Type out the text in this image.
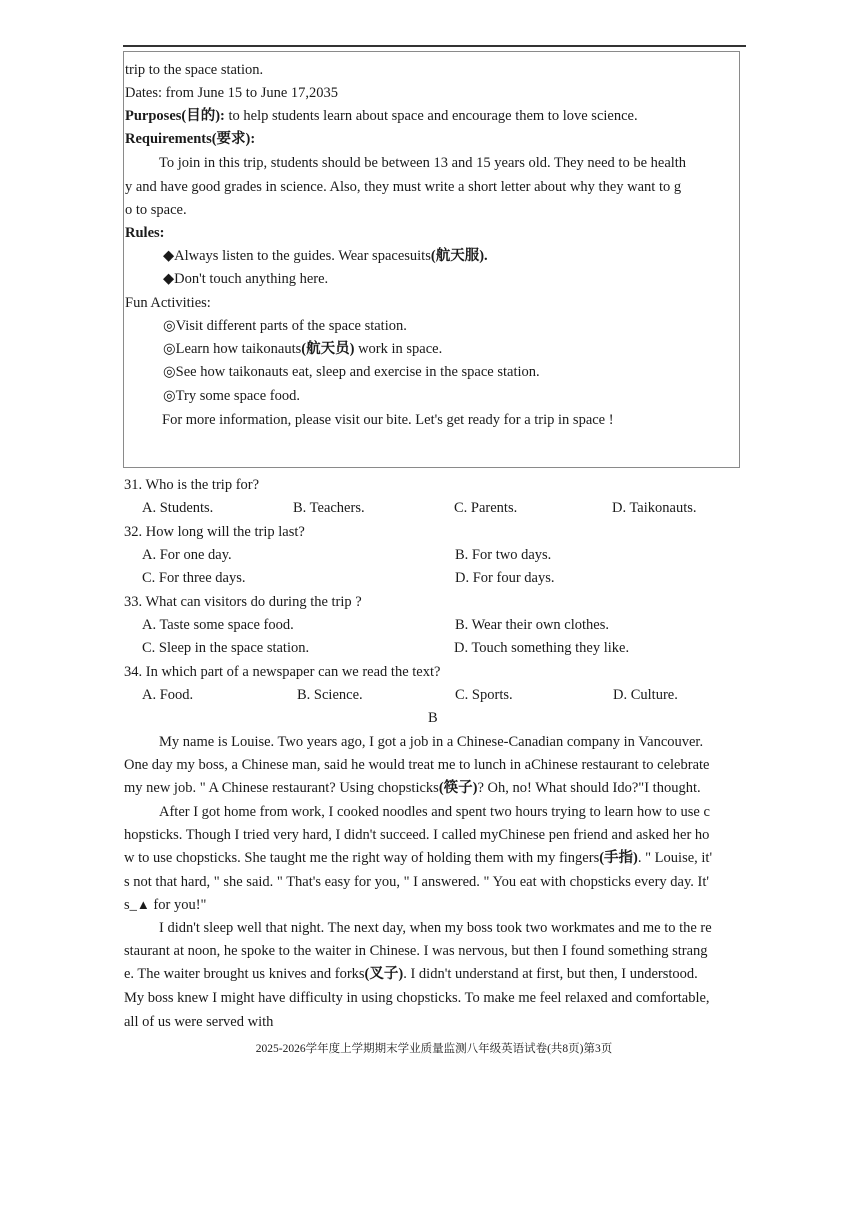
trip to the space station.
Dates: from June 15 to June 17,2035
Purposes(目的): to help students learn about space and encourage them to love science.
Requirements(要求):
To join in this trip, students should be between 13 and 15 years old. They need to be health
y and have good grades in science. Also, they must write a short letter about why they want to g
o to space.
Rules:
◆Always listen to the guides. Wear spacesuits(航天服).
◆Don't touch anything here.
Fun Activities:
◎Visit different parts of the space station.
◎Learn how taikonauts(航天员) work in space.
◎See how taikonauts eat, sleep and exercise in the space station.
◎Try some space food.
For more information, please visit our bite. Let's get ready for a trip in space !
31. Who is the trip for?
A. Students.	B. Teachers.	C. Parents.	D. Taikonauts.
32. How long will the trip last?
A. For one day.	B. For two days.
C. For three days.	D. For four days.
33. What can visitors do during the trip ?
A. Taste some space food.	B. Wear their own clothes.
C. Sleep in the space station.	D. Touch something they like.
34. In which part of a newspaper can we read the text?
A. Food.	B. Science.	C. Sports.	D. Culture.
B
My name is Louise. Two years ago, I got a job in a Chinese-Canadian company in Vancouver.
One day my boss, a Chinese man, said he would treat me to lunch in aChinese restaurant to celebrate
my new job. " A Chinese restaurant? Using chopsticks(筷子)? Oh, no! What should Ido?"I thought.
After I got home from work, I cooked noodles and spent two hours trying to learn how to use c
hopsticks. Though I tried very hard, I didn't succeed. I called myChinese pen friend and asked her ho
w to use chopsticks. She taught me the right way of holding them with my fingers(手指). " Louise, it'
s not that hard, " she said. " That's easy for you, " I answered. " You eat with chopsticks every day. It'
s_▲ for you!"
I didn't sleep well that night. The next day, when my boss took two workmates and me to the re
staurant at noon, he spoke to the waiter in Chinese. I was nervous, but then I found something strang
e. The waiter brought us knives and forks(叉子). I didn't understand at first, but then, I understood.
My boss knew I might have difficulty in using chopsticks. To make me feel relaxed and comfortable,
all of us were served with
2025-2026学年度上学期期末学业质量监测八年级英语试卷(共8页)第3页
